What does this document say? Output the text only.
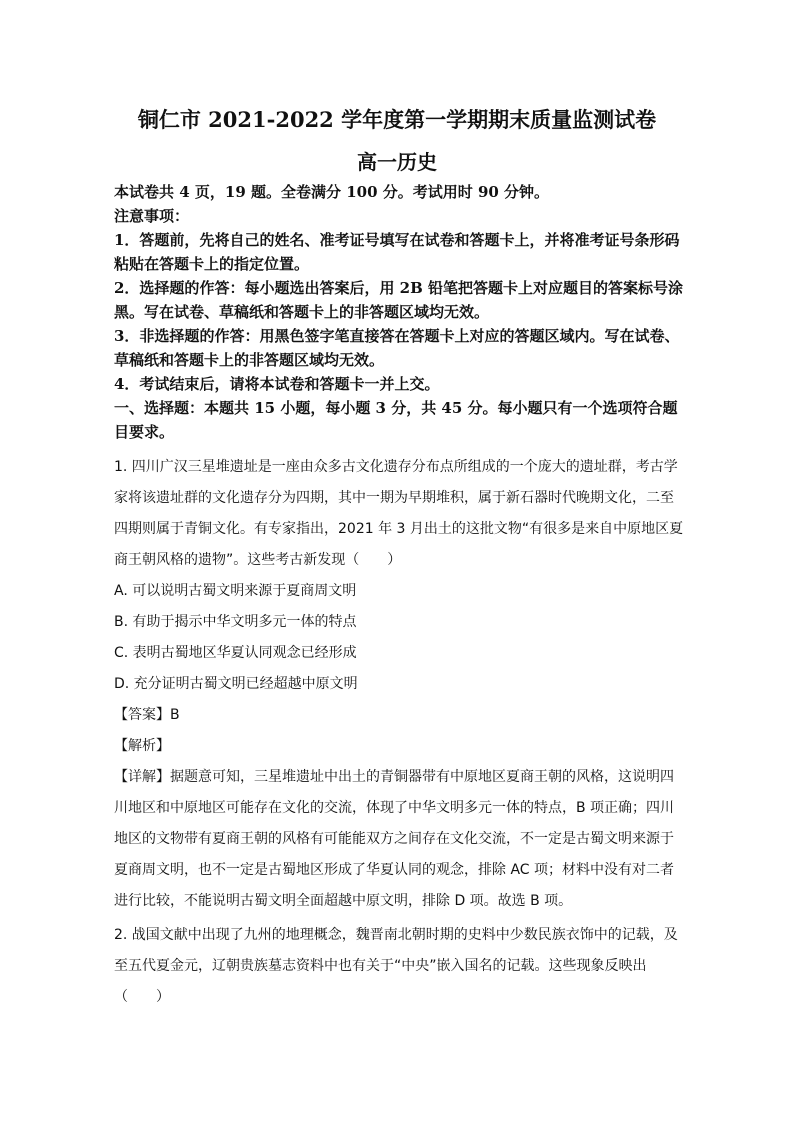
铜仁市 2021-2022 学年度第一学期期末质量监测试卷
高一历史

本试卷共 4 页，19 题。全卷满分 100 分。考试用时 90 分钟。

注意事项：

1．答题前，先将自己的姓名、准考证号填写在试卷和答题卡上，并将准考证号条形码粘贴在答题卡上的指定位置。

2．选择题的作答：每小题选出答案后，用 2B 铅笔把答题卡上对应题目的答案标号涂黑。写在试卷、草稿纸和答题卡上的非答题区域均无效。

3．非选择题的作答：用黑色签字笔直接答在答题卡上对应的答题区域内。写在试卷、草稿纸和答题卡上的非答题区域均无效。

4．考试结束后，请将本试卷和答题卡一并上交。

一、选择题：本题共 15 小题，每小题 3 分，共 45 分。每小题只有一个选项符合题目要求。

1. 四川广汉三星堆遗址是一座由众多古文化遗存分布点所组成的一个庞大的遗址群，考古学家将该遗址群的文化遗存分为四期，其中一期为早期堆积，属于新石器时代晚期文化，二至四期则属于青铜文化。有专家指出，2021 年 3 月出土的这批文物“有很多是来自中原地区夏商王朝风格的遗物”。这些考古新发现（　　）

A. 可以说明古蜀文明来源于夏商周文明

B. 有助于揭示中华文明多元一体的特点

C. 表明古蜀地区华夏认同观念已经形成

D. 充分证明古蜀文明已经超越中原文明

【答案】B

【解析】

【详解】据题意可知，三星堆遗址中出土的青铜器带有中原地区夏商王朝的风格，这说明四川地区和中原地区可能存在文化的交流，体现了中华文明多元一体的特点，B 项正确；四川地区的文物带有夏商王朝的风格有可能能双方之间存在文化交流，不一定是古蜀文明来源于夏商周文明，也不一定是古蜀地区形成了华夏认同的观念，排除 AC 项；材料中没有对二者进行比较，不能说明古蜀文明全面超越中原文明，排除 D 项。故选 B 项。

2. 战国文献中出现了九州的地理概念，魏晋南北朝时期的史料中少数民族衣饰中的记载，及至五代夏金元，辽朝贵族墓志资料中也有关于“中央”嵌入国名的记载。这些现象反映出（　　）
